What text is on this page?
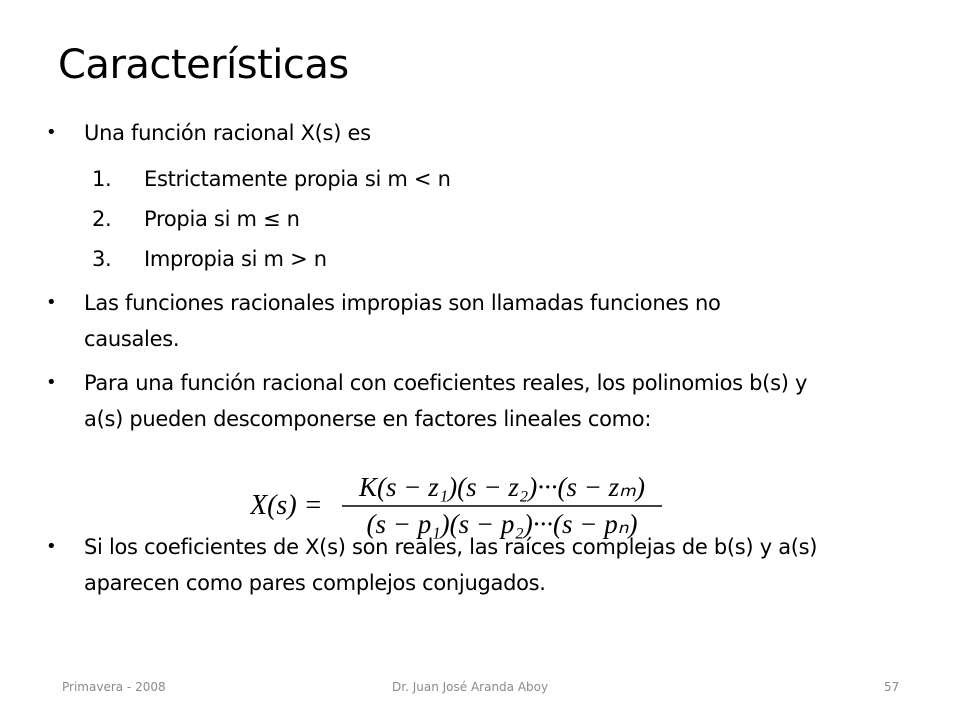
Características
• Una función racional X(s) es
1. Estrictamente propia si m < n
2. Propia si m ≤ n
3. Impropia si m > n
• Las funciones racionales impropias son llamadas funciones no
causales.
• Para una función racional con coeficientes reales, los polinomios b(s) y
a(s) pueden descomponerse en factores lineales como:
X(s) =
K(s − z₁)(s − z₂)···(s − zₘ)
(s − p₁)(s − p₂)···(s − pₙ)
• Si los coeficientes de X(s) son reales, las raíces complejas de b(s) y a(s)
aparecen como pares complejos conjugados.
Primavera - 2008	Dr. Juan José Aranda Aboy	57
